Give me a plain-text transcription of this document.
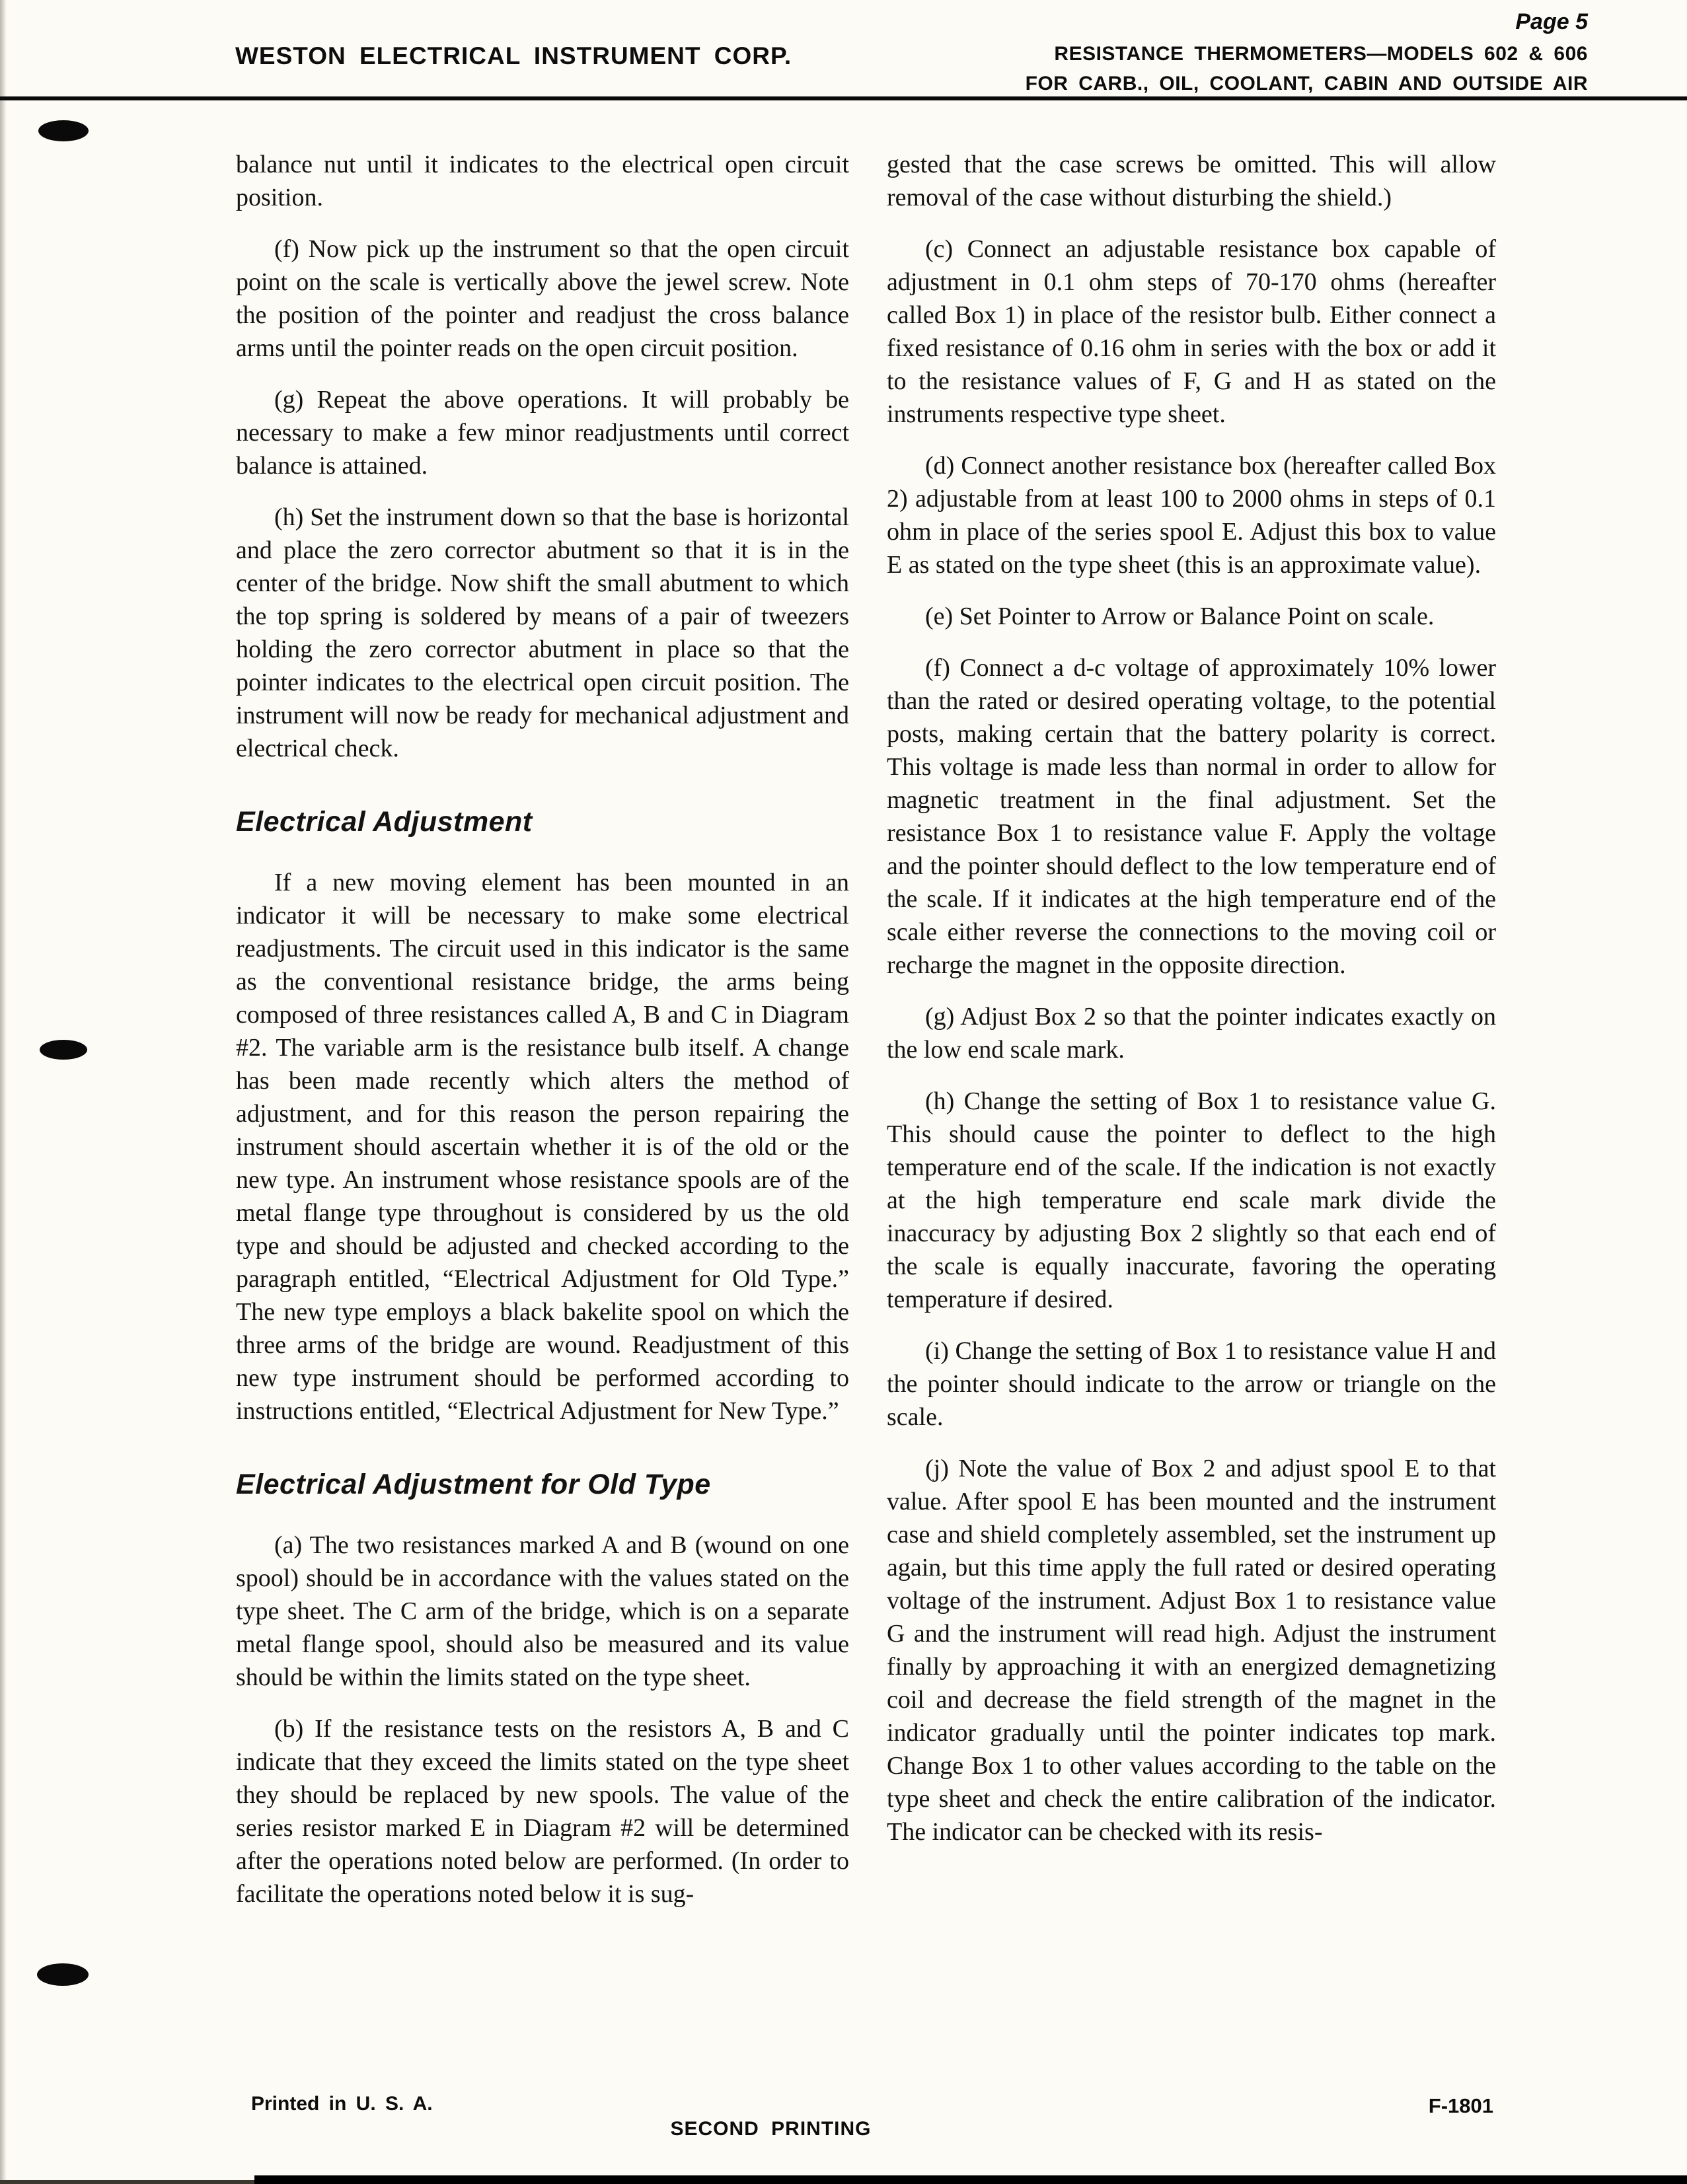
WESTON ELECTRICAL INSTRUMENT CORP.
Page 5
RESISTANCE THERMOMETERS—MODELS 602 & 606
FOR CARB., OIL, COOLANT, CABIN AND OUTSIDE AIR

balance nut until it indicates to the electrical open circuit position.

(f) Now pick up the instrument so that the open circuit point on the scale is vertically above the jewel screw. Note the position of the pointer and readjust the cross balance arms until the pointer reads on the open circuit position.

(g) Repeat the above operations. It will probably be necessary to make a few minor readjustments until correct balance is attained.

(h) Set the instrument down so that the base is horizontal and place the zero corrector abutment so that it is in the center of the bridge. Now shift the small abutment to which the top spring is soldered by means of a pair of tweezers holding the zero corrector abutment in place so that the pointer indicates to the electrical open circuit position. The instrument will now be ready for mechanical adjustment and electrical check.

Electrical Adjustment

If a new moving element has been mounted in an indicator it will be necessary to make some electrical readjustments. The circuit used in this indicator is the same as the conventional resistance bridge, the arms being composed of three resistances called A, B and C in Diagram #2. The variable arm is the resistance bulb itself. A change has been made recently which alters the method of adjustment, and for this reason the person repairing the instrument should ascertain whether it is of the old or the new type. An instrument whose resistance spools are of the metal flange type throughout is considered by us the old type and should be adjusted and checked according to the paragraph entitled, “Electrical Adjustment for Old Type.” The new type employs a black bakelite spool on which the three arms of the bridge are wound. Readjustment of this new type instrument should be performed according to instructions entitled, “Electrical Adjustment for New Type.”

Electrical Adjustment for Old Type

(a) The two resistances marked A and B (wound on one spool) should be in accordance with the values stated on the type sheet. The C arm of the bridge, which is on a separate metal flange spool, should also be measured and its value should be within the limits stated on the type sheet.

(b) If the resistance tests on the resistors A, B and C indicate that they exceed the limits stated on the type sheet they should be replaced by new spools. The value of the series resistor marked E in Diagram #2 will be determined after the operations noted below are performed. (In order to facilitate the operations noted below it is sug-

gested that the case screws be omitted. This will allow removal of the case without disturbing the shield.)

(c) Connect an adjustable resistance box capable of adjustment in 0.1 ohm steps of 70-170 ohms (hereafter called Box 1) in place of the resistor bulb. Either connect a fixed resistance of 0.16 ohm in series with the box or add it to the resistance values of F, G and H as stated on the instruments respective type sheet.

(d) Connect another resistance box (hereafter called Box 2) adjustable from at least 100 to 2000 ohms in steps of 0.1 ohm in place of the series spool E. Adjust this box to value E as stated on the type sheet (this is an approximate value).

(e) Set Pointer to Arrow or Balance Point on scale.

(f) Connect a d-c voltage of approximately 10% lower than the rated or desired operating voltage, to the potential posts, making certain that the battery polarity is correct. This voltage is made less than normal in order to allow for magnetic treatment in the final adjustment. Set the resistance Box 1 to resistance value F. Apply the voltage and the pointer should deflect to the low temperature end of the scale. If it indicates at the high temperature end of the scale either reverse the connections to the moving coil or recharge the magnet in the opposite direction.

(g) Adjust Box 2 so that the pointer indicates exactly on the low end scale mark.

(h) Change the setting of Box 1 to resistance value G. This should cause the pointer to deflect to the high temperature end of the scale. If the indication is not exactly at the high temperature end scale mark divide the inaccuracy by adjusting Box 2 slightly so that each end of the scale is equally inaccurate, favoring the operating temperature if desired.

(i) Change the setting of Box 1 to resistance value H and the pointer should indicate to the arrow or triangle on the scale.

(j) Note the value of Box 2 and adjust spool E to that value. After spool E has been mounted and the instrument case and shield completely assembled, set the instrument up again, but this time apply the full rated or desired operating voltage of the instrument. Adjust Box 1 to resistance value G and the instrument will read high. Adjust the instrument finally by approaching it with an energized demagnetizing coil and decrease the field strength of the magnet in the indicator gradually until the pointer indicates top mark. Change Box 1 to other values according to the table on the type sheet and check the entire calibration of the indicator. The indicator can be checked with its resis-

Printed in U. S. A.
SECOND PRINTING
F-1801
